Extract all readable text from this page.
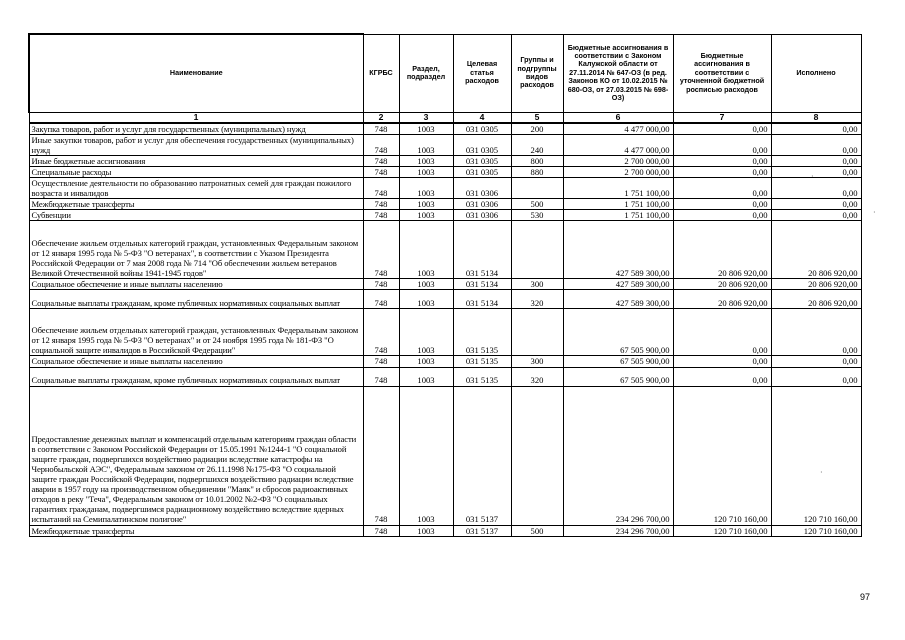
Наименование	КГРБС	Раздел, подраздел	Целевая статья расходов	Группы и подгруппы видов расходов	Бюджетные ассигнования в соответствии с Законом Калужской области от 27.11.2014 № 647-ОЗ (в ред. Законов КО от 10.02.2015 № 680-ОЗ, от 27.03.2015 № 698-ОЗ)	Бюджетные ассигнования в соответствии с уточненной бюджетной росписью расходов	Исполнено
1	2	3	4	5	6	7	8
Закупка товаров, работ и услуг для государственных (муниципальных) нужд	748	1003	031 0305	200	4 477 000,00	0,00	0,00
Иные закупки товаров, работ и услуг для обеспечения государственных (муниципальных) нужд	748	1003	031 0305	240	4 477 000,00	0,00	0,00
Иные бюджетные ассигнования	748	1003	031 0305	800	2 700 000,00	0,00	0,00
Специальные расходы	748	1003	031 0305	880	2 700 000,00	0,00	0,00
Осуществление деятельности по образованию патронатных семей для граждан пожилого возраста и инвалидов	748	1003	031 0306		1 751 100,00	0,00	0,00
Межбюджетные трансферты	748	1003	031 0306	500	1 751 100,00	0,00	0,00
Субвенции	748	1003	031 0306	530	1 751 100,00	0,00	0,00
Обеспечение жильем отдельных категорий граждан, установленных Федеральным законом от 12 января 1995 года № 5-ФЗ "О ветеранах", в соответствии с Указом Президента Российской Федерации от 7 мая 2008 года № 714 "Об обеспечении жильем ветеранов Великой Отечественной войны 1941-1945 годов"	748	1003	031 5134		427 589 300,00	20 806 920,00	20 806 920,00
Социальное обеспечение и иные выплаты населению	748	1003	031 5134	300	427 589 300,00	20 806 920,00	20 806 920,00
Социальные выплаты гражданам, кроме публичных нормативных социальных выплат	748	1003	031 5134	320	427 589 300,00	20 806 920,00	20 806 920,00
Обеспечение жильем отдельных категорий граждан, установленных Федеральным законом от 12 января 1995 года № 5-ФЗ "О ветеранах" и от 24 ноября 1995 года № 181-ФЗ "О социальной защите инвалидов в Российской Федерации"	748	1003	031 5135		67 505 900,00	0,00	0,00
Социальное обеспечение и иные выплаты населению	748	1003	031 5135	300	67 505 900,00	0,00	0,00
Социальные выплаты гражданам, кроме публичных нормативных социальных выплат	748	1003	031 5135	320	67 505 900,00	0,00	0,00
Предоставление денежных выплат и компенсаций отдельным категориям граждан области в соответствии с Законом Российской Федерации от 15.05.1991 №1244-1 "О социальной защите граждан, подвергшихся воздействию радиации вследствие катастрофы на Чернобыльской АЭС", Федеральным законом от 26.11.1998 №175-ФЗ "О социальной защите граждан Российской Федерации, подвергшихся воздействию радиации вследствие аварии в 1957 году на производственном объединении "Маяк" и сбросов радиоактивных отходов в реку "Теча", Федеральным законом от 10.01.2002 №2-ФЗ "О социальных гарантиях гражданам, подвергшимся радиационному воздействию вследствие ядерных испытаний на Семипалатинском полигоне"	748	1003	031 5137		234 296 700,00	120 710 160,00	120 710 160,00
Межбюджетные трансферты	748	1003	031 5137	500	234 296 700,00	120 710 160,00	120 710 160,00
97
·
·
·
